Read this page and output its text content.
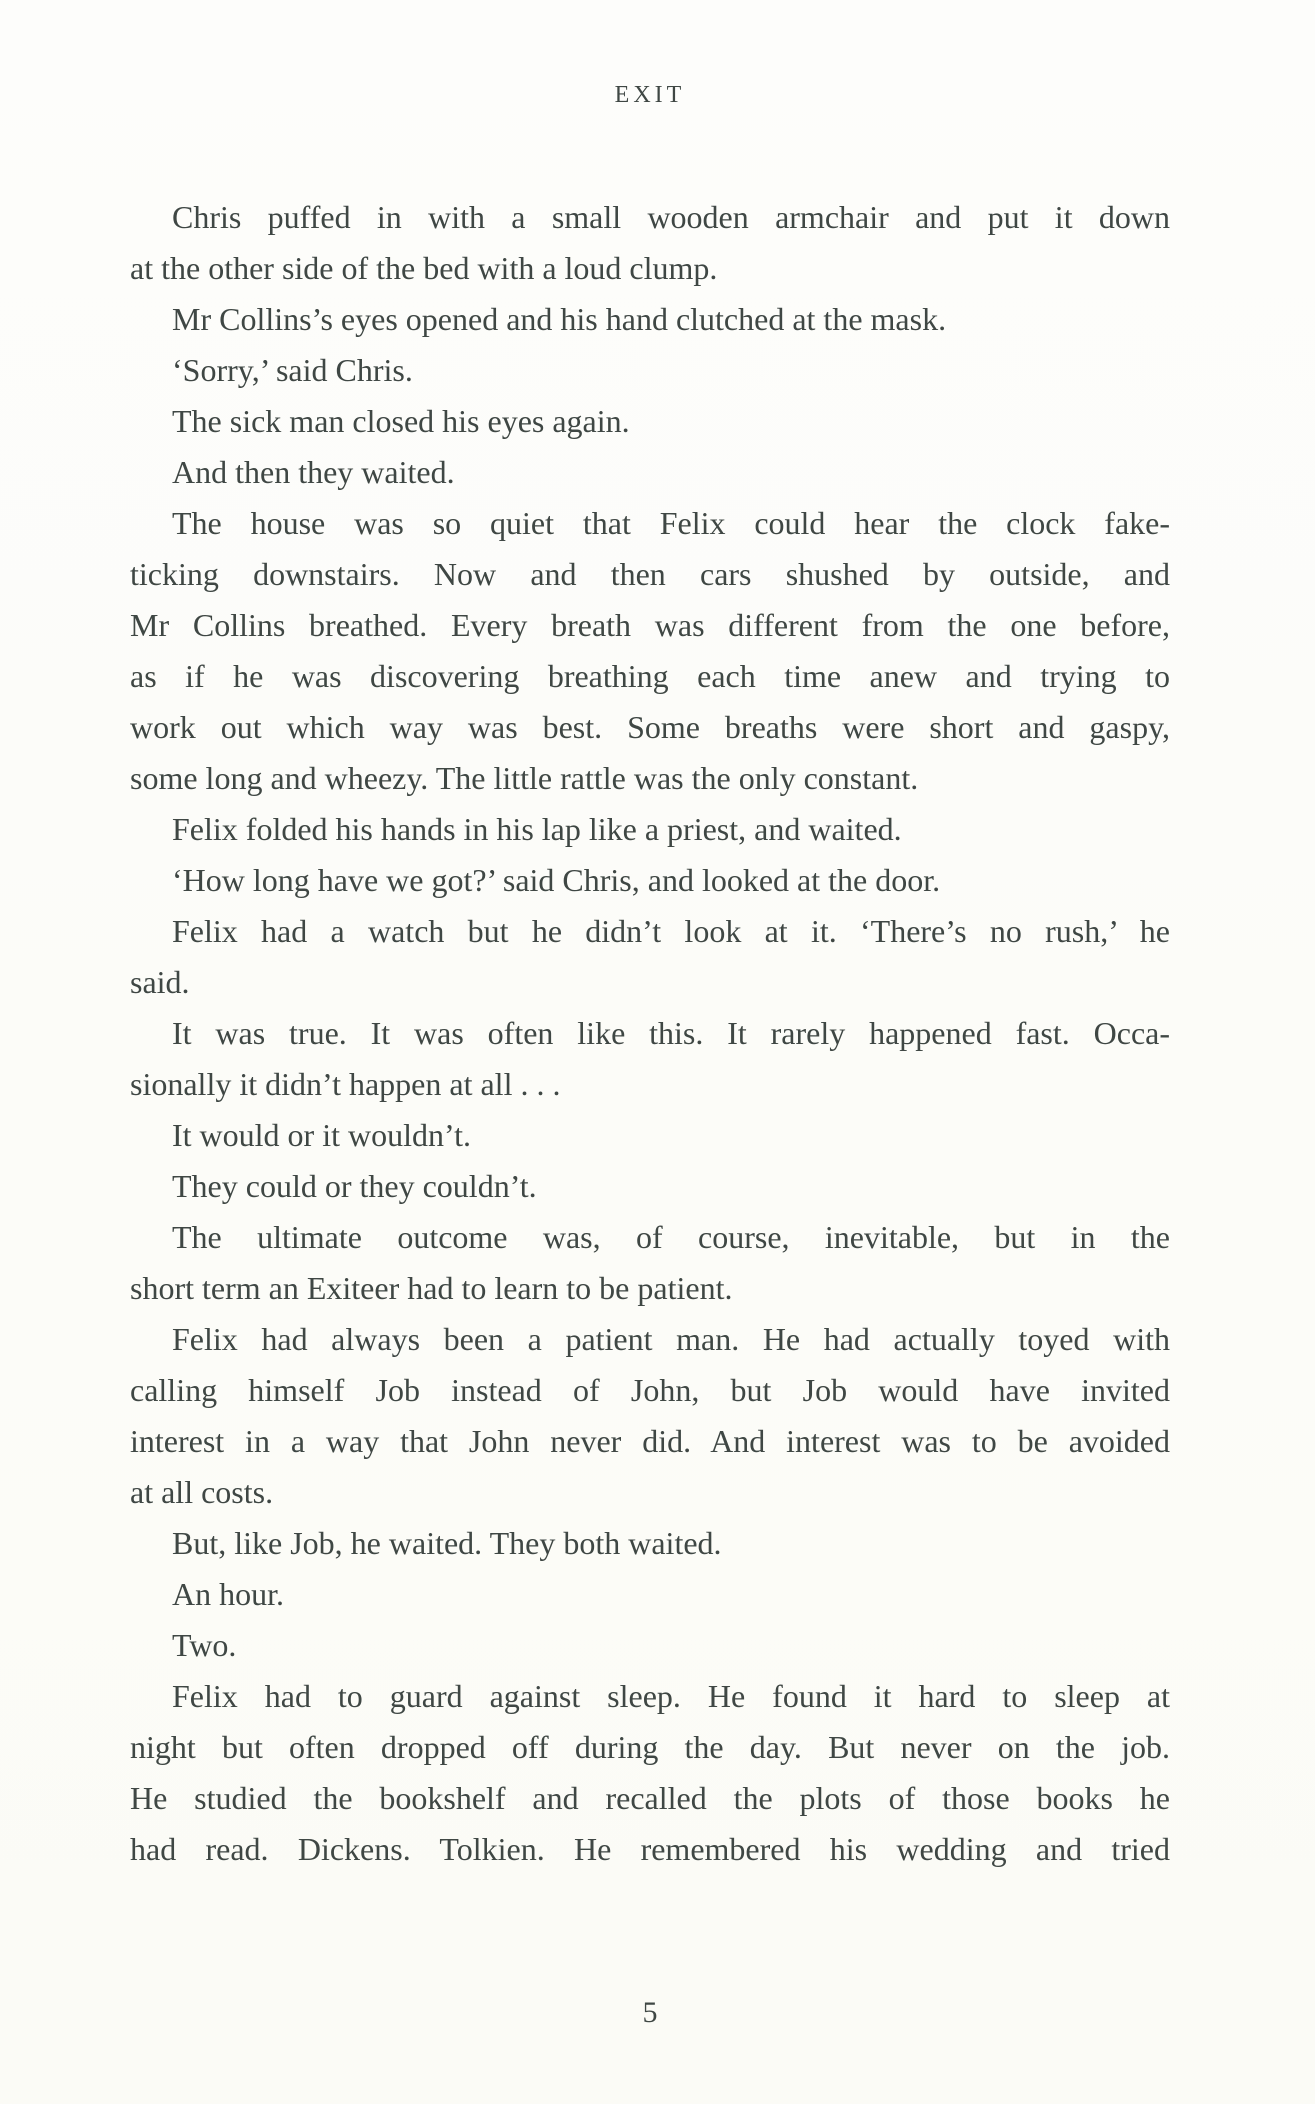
EXIT
Chris puffed in with a small wooden armchair and put it down
at the other side of the bed with a loud clump.
Mr Collins’s eyes opened and his hand clutched at the mask.
‘Sorry,’ said Chris.
The sick man closed his eyes again.
And then they waited.
The house was so quiet that Felix could hear the clock fake-
ticking downstairs. Now and then cars shushed by outside, and
Mr Collins breathed. Every breath was different from the one before,
as if he was discovering breathing each time anew and trying to
work out which way was best. Some breaths were short and gaspy,
some long and wheezy. The little rattle was the only constant.
Felix folded his hands in his lap like a priest, and waited.
‘How long have we got?’ said Chris, and looked at the door.
Felix had a watch but he didn’t look at it. ‘There’s no rush,’ he
said.
It was true. It was often like this. It rarely happened fast. Occa-
sionally it didn’t happen at all . . .
It would or it wouldn’t.
They could or they couldn’t.
The ultimate outcome was, of course, inevitable, but in the
short term an Exiteer had to learn to be patient.
Felix had always been a patient man. He had actually toyed with
calling himself Job instead of John, but Job would have invited
interest in a way that John never did. And interest was to be avoided
at all costs.
But, like Job, he waited. They both waited.
An hour.
Two.
Felix had to guard against sleep. He found it hard to sleep at
night but often dropped off during the day. But never on the job.
He studied the bookshelf and recalled the plots of those books he
had read. Dickens. Tolkien. He remembered his wedding and tried
5
